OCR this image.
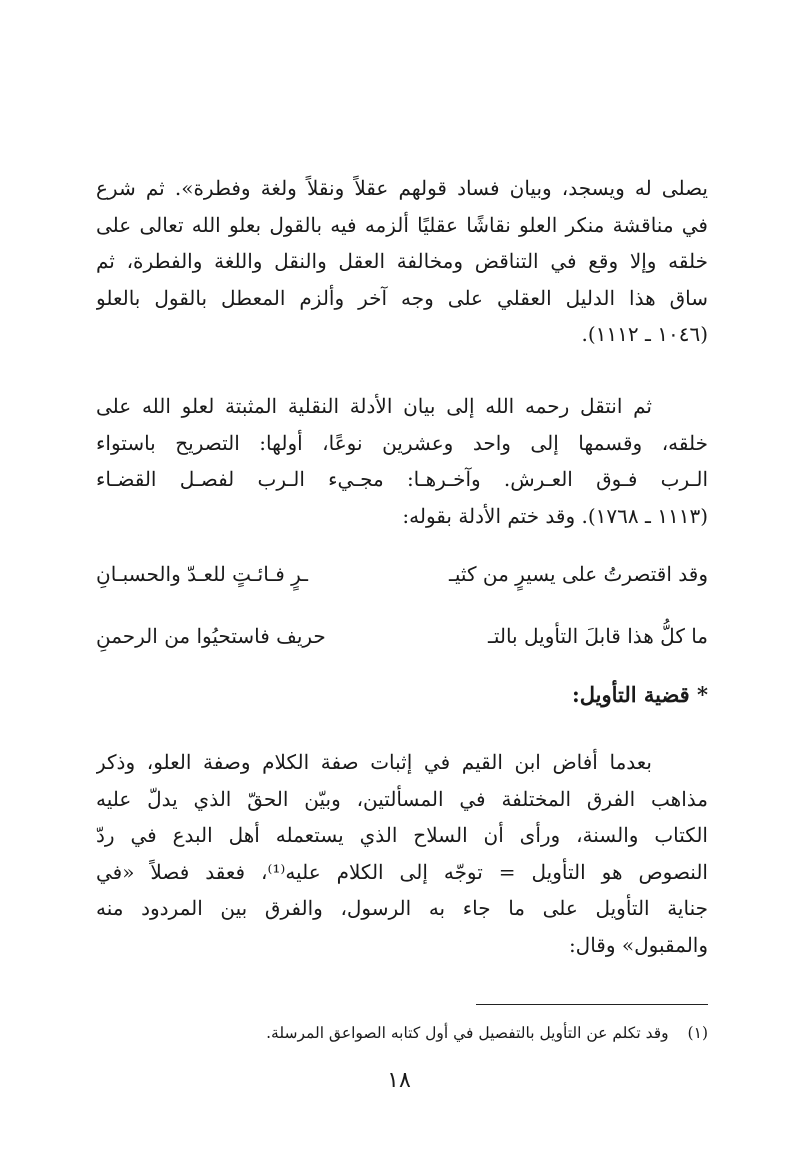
يصلى له ويسجد، وبيان فساد قولهم عقلاً ونقلاً ولغة وفطرة». ثم شرع
في مناقشة منكر العلو نقاشًا عقليًا ألزمه فيه بالقول بعلو الله تعالى على
خلقه وإلا وقع في التناقض ومخالفة العقل والنقل واللغة والفطرة، ثم
ساق هذا الدليل العقلي على وجه آخر وألزم المعطل بالقول بالعلو
(١٠٤٦ ـ ١١١٢).
ثم انتقل رحمه الله إلى بيان الأدلة النقلية المثبتة لعلو الله على
خلقه، وقسمها إلى واحد وعشرين نوعًا، أولها: التصريح باستواء
الـرب فـوق العـرش. وآخـرهـا: مجـيء الـرب لفصـل القضـاء
(١١١٣ ـ ١٧٦٨). وقد ختم الأدلة بقوله:
وقد اقتصرتُ على يسيرٍ من كثيـ
ـرٍ فـائـتٍ للعـدّ والحسبـانِ
ما كلُّ هذا قابلَ التأويل بالتـ
حريف فاستحيُوا من الرحمنِ
* قضية التأويل:
بعدما أفاض ابن القيم في إثبات صفة الكلام وصفة العلو، وذكر
مذاهب الفرق المختلفة في المسألتين، وبيّن الحقّ الذي يدلّ عليه
الكتاب والسنة، ورأى أن السلاح الذي يستعمله أهل البدع في ردّ
النصوص هو التأويل = توجّه إلى الكلام عليه⁽¹⁾، فعقد فصلاً «في
جناية التأويل على ما جاء به الرسول، والفرق بين المردود منه
والمقبول» وقال:
(١) وقد تكلم عن التأويل بالتفصيل في أول كتابه الصواعق المرسلة.
١٨
